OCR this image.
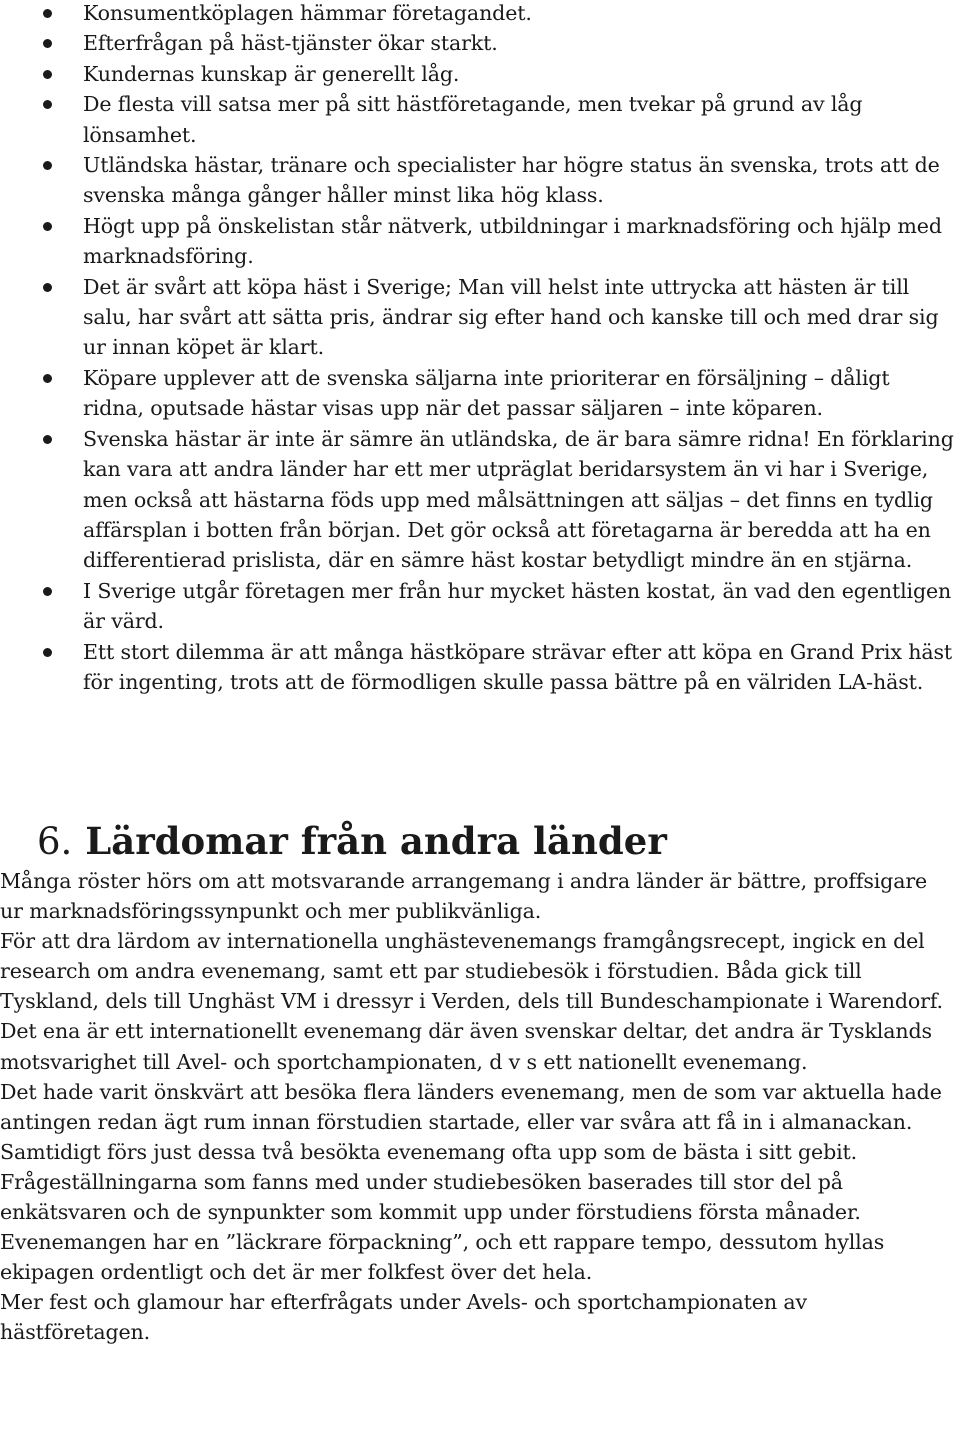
Konsumentköplagen hämmar företagandet.
Efterfrågan på häst-tjänster ökar starkt.
Kundernas kunskap är generellt låg.
De flesta vill satsa mer på sitt hästföretagande, men tvekar på grund av låg lönsamhet.
Utländska hästar, tränare och specialister har högre status än svenska, trots att de svenska många gånger håller minst lika hög klass.
Högt upp på önskelistan står nätverk, utbildningar i marknadsföring och hjälp med marknadsföring.
Det är svårt att köpa häst i Sverige; Man vill helst inte uttrycka att hästen är till salu, har svårt att sätta pris, ändrar sig efter hand och kanske till och med drar sig ur innan köpet är klart.
Köpare upplever att de svenska säljarna inte prioriterar en försäljning – dåligt ridna, oputsade hästar visas upp när det passar säljaren – inte köparen.
Svenska hästar är inte är sämre än utländska, de är bara sämre ridna! En förklaring kan vara att andra länder har ett mer utpräglat beridarsystem än vi har i Sverige, men också att hästarna föds upp med målsättningen att säljas – det finns en tydlig affärsplan i botten från början. Det gör också att företagarna är beredda att ha en differentierad prislista, där en sämre häst kostar betydligt mindre än en stjärna.
I Sverige utgår företagen mer från hur mycket hästen kostat, än vad den egentligen är värd.
Ett stort dilemma är att många hästköpare strävar efter att köpa en Grand Prix häst för ingenting, trots att de förmodligen skulle passa bättre på en välriden LA-häst.
6. Lärdomar från andra länder

Många röster hörs om att motsvarande arrangemang i andra länder är bättre, proffsigare ur marknadsföringssynpunkt och mer publikvänliga.

För att dra lärdom av internationella unghästevenemangs framgångsrecept, ingick en del research om andra evenemang, samt ett par studiebesök i förstudien. Båda gick till Tyskland, dels till Unghäst VM i dressyr i Verden, dels till Bundeschampionate i Warendorf.

Det ena är ett internationellt evenemang där även svenskar deltar, det andra är Tysklands motsvarighet till Avel- och sportchampionaten, d v s ett nationellt evenemang.

Det hade varit önskvärt att besöka flera länders evenemang, men de som var aktuella hade antingen redan ägt rum innan förstudien startade, eller var svåra att få in i almanackan. Samtidigt förs just dessa två besökta evenemang ofta upp som de bästa i sitt gebit.

Frågeställningarna som fanns med under studiebesöken baserades till stor del på enkätsvaren och de synpunkter som kommit upp under förstudiens första månader.

Evenemangen har en ”läckrare förpackning”, och ett rappare tempo, dessutom hyllas ekipagen ordentligt och det är mer folkfest över det hela.

Mer fest och glamour har efterfrågats under Avels- och sportchampionaten av hästföretagen.
